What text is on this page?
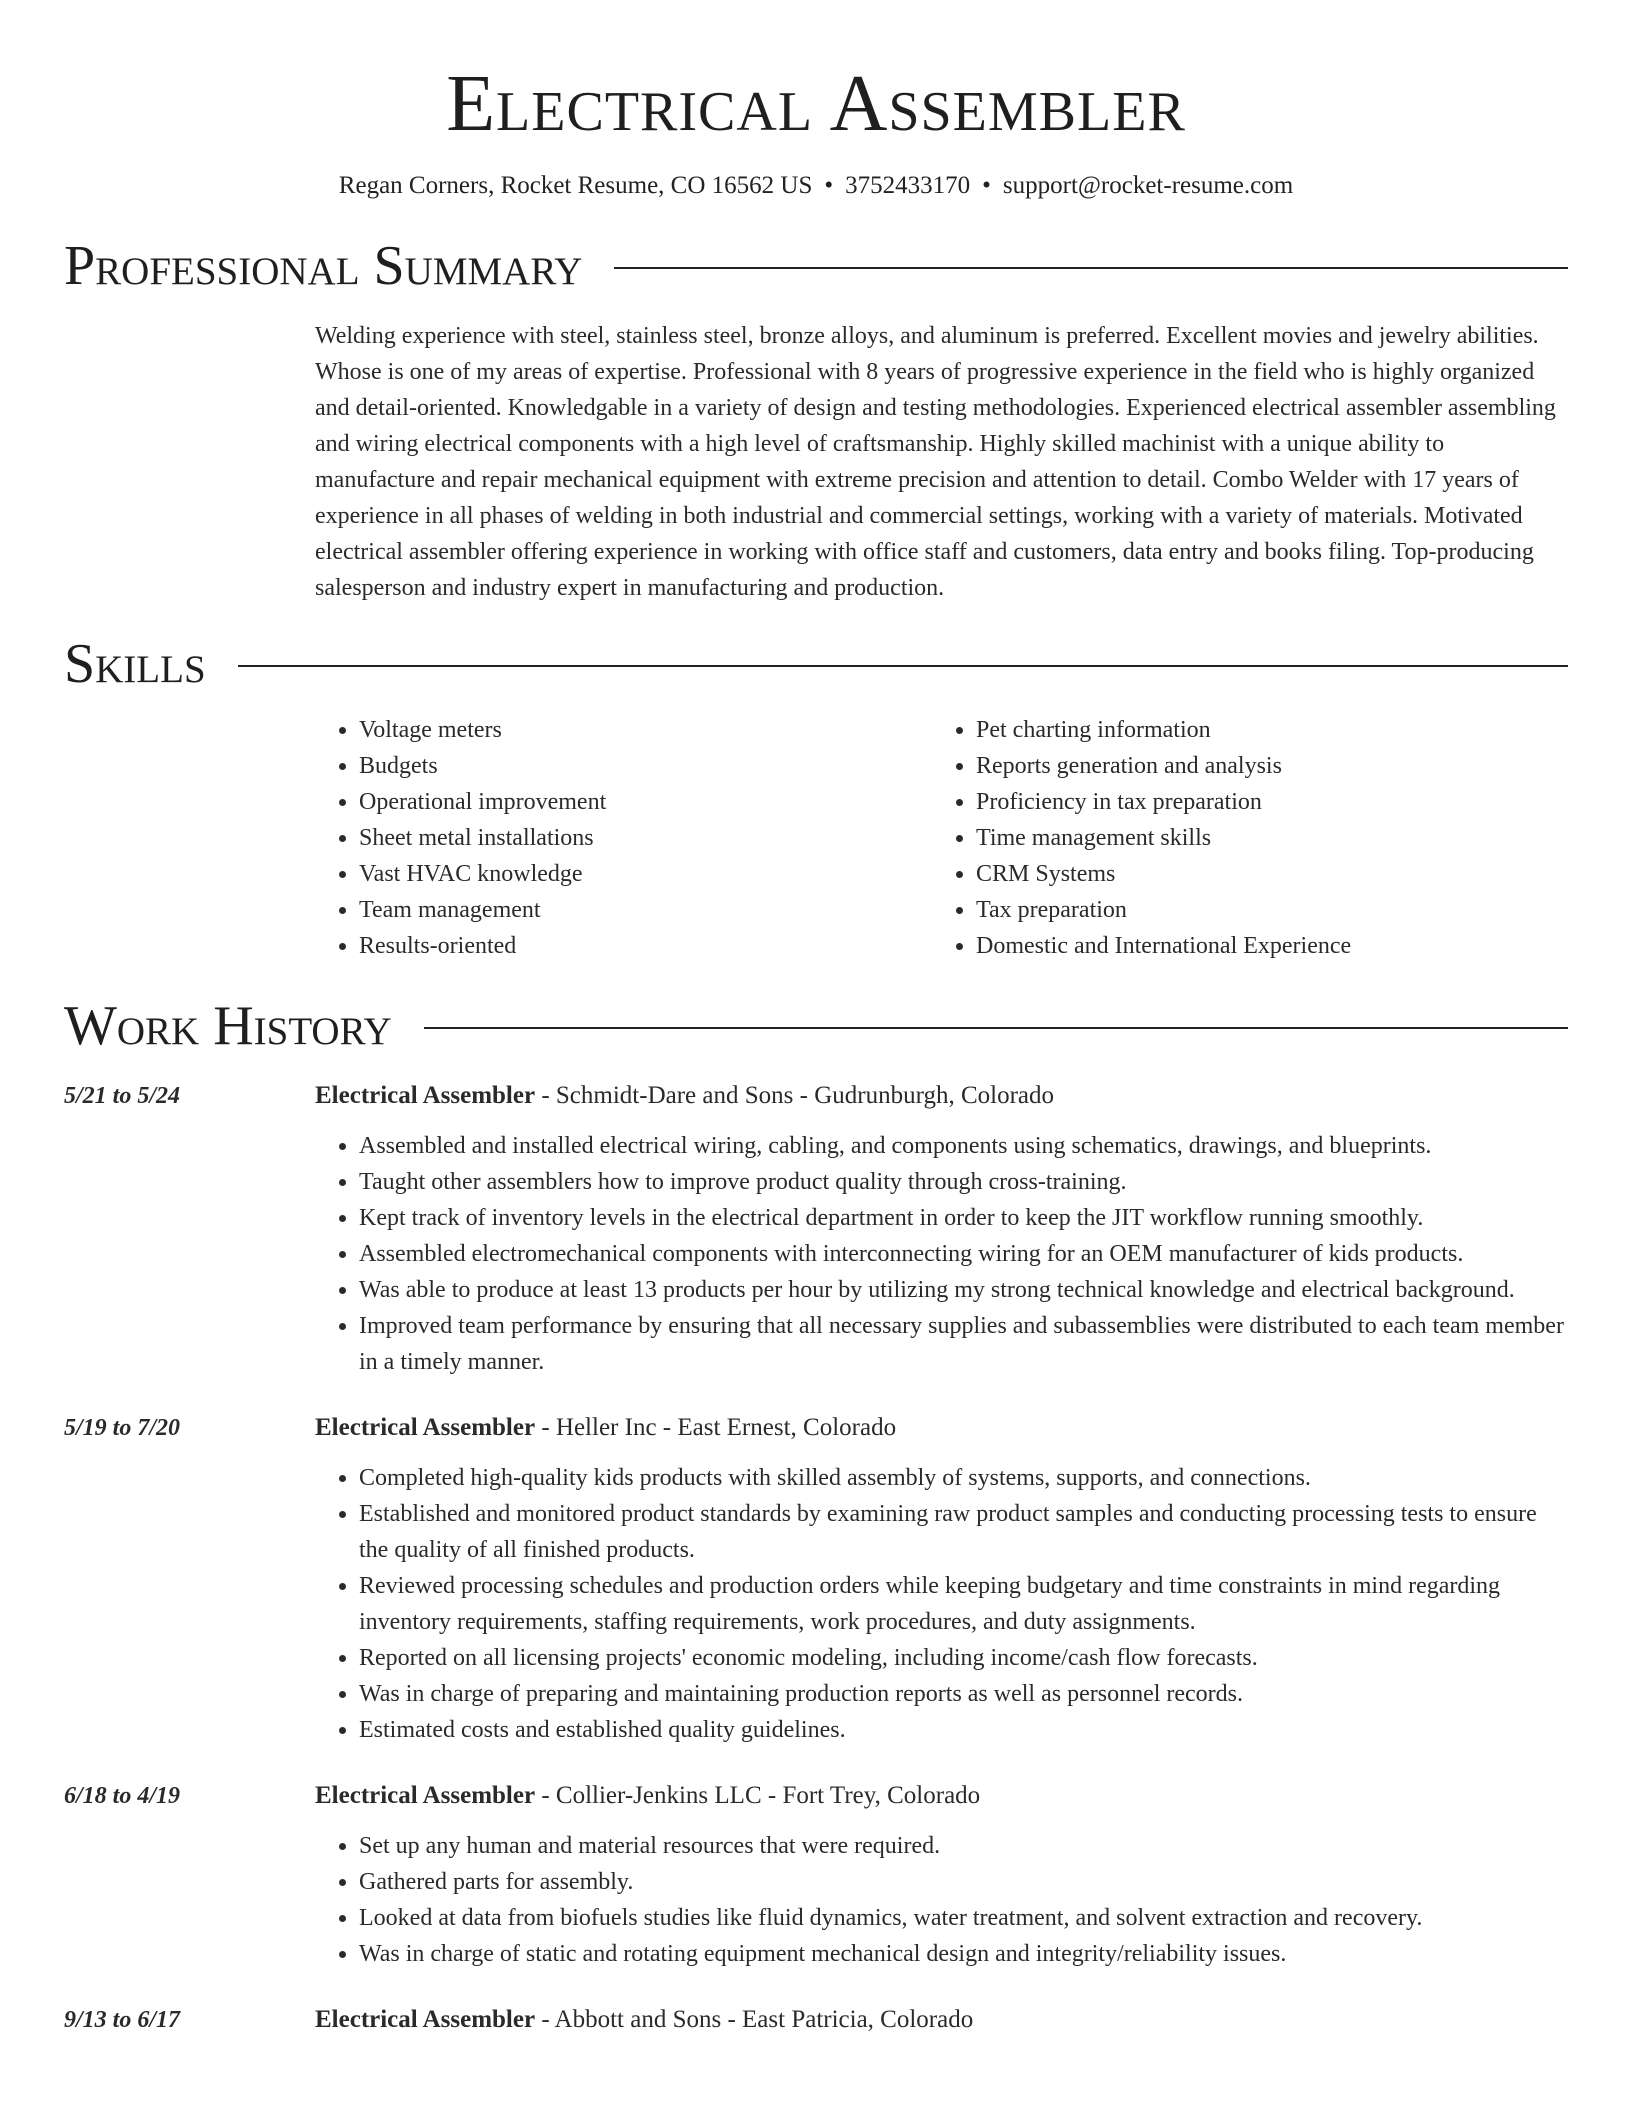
Electrical Assembler
Regan Corners, Rocket Resume, CO 16562 US • 3752433170 • support@rocket-resume.com
Professional Summary

Welding experience with steel, stainless steel, bronze alloys, and aluminum is preferred. Excellent movies and jewelry abilities. Whose is one of my areas of expertise. Professional with 8 years of progressive experience in the field who is highly organized and detail-oriented. Knowledgable in a variety of design and testing methodologies. Experienced electrical assembler assembling and wiring electrical components with a high level of craftsmanship. Highly skilled machinist with a unique ability to manufacture and repair mechanical equipment with extreme precision and attention to detail. Combo Welder with 17 years of experience in all phases of welding in both industrial and commercial settings, working with a variety of materials. Motivated electrical assembler offering experience in working with office staff and customers, data entry and books filing. Top-producing salesperson and industry expert in manufacturing and production.

Skills
• Voltage meters
• Budgets
• Operational improvement
• Sheet metal installations
• Vast HVAC knowledge
• Team management
• Results-oriented
• Pet charting information
• Reports generation and analysis
• Proficiency in tax preparation
• Time management skills
• CRM Systems
• Tax preparation
• Domestic and International Experience
Work History
5/21 to 5/24	Electrical Assembler - Schmidt-Dare and Sons - Gudrunburgh, Colorado
• Assembled and installed electrical wiring, cabling, and components using schematics, drawings, and blueprints.
• Taught other assemblers how to improve product quality through cross-training.
• Kept track of inventory levels in the electrical department in order to keep the JIT workflow running smoothly.
• Assembled electromechanical components with interconnecting wiring for an OEM manufacturer of kids products.
• Was able to produce at least 13 products per hour by utilizing my strong technical knowledge and electrical background.
• Improved team performance by ensuring that all necessary supplies and subassemblies were distributed to each team member in a timely manner.
5/19 to 7/20	Electrical Assembler - Heller Inc - East Ernest, Colorado
• Completed high-quality kids products with skilled assembly of systems, supports, and connections.
• Established and monitored product standards by examining raw product samples and conducting processing tests to ensure the quality of all finished products.
• Reviewed processing schedules and production orders while keeping budgetary and time constraints in mind regarding inventory requirements, staffing requirements, work procedures, and duty assignments.
• Reported on all licensing projects' economic modeling, including income/cash flow forecasts.
• Was in charge of preparing and maintaining production reports as well as personnel records.
• Estimated costs and established quality guidelines.
6/18 to 4/19	Electrical Assembler - Collier-Jenkins LLC - Fort Trey, Colorado
• Set up any human and material resources that were required.
• Gathered parts for assembly.
• Looked at data from biofuels studies like fluid dynamics, water treatment, and solvent extraction and recovery.
• Was in charge of static and rotating equipment mechanical design and integrity/reliability issues.
9/13 to 6/17	Electrical Assembler - Abbott and Sons - East Patricia, Colorado
